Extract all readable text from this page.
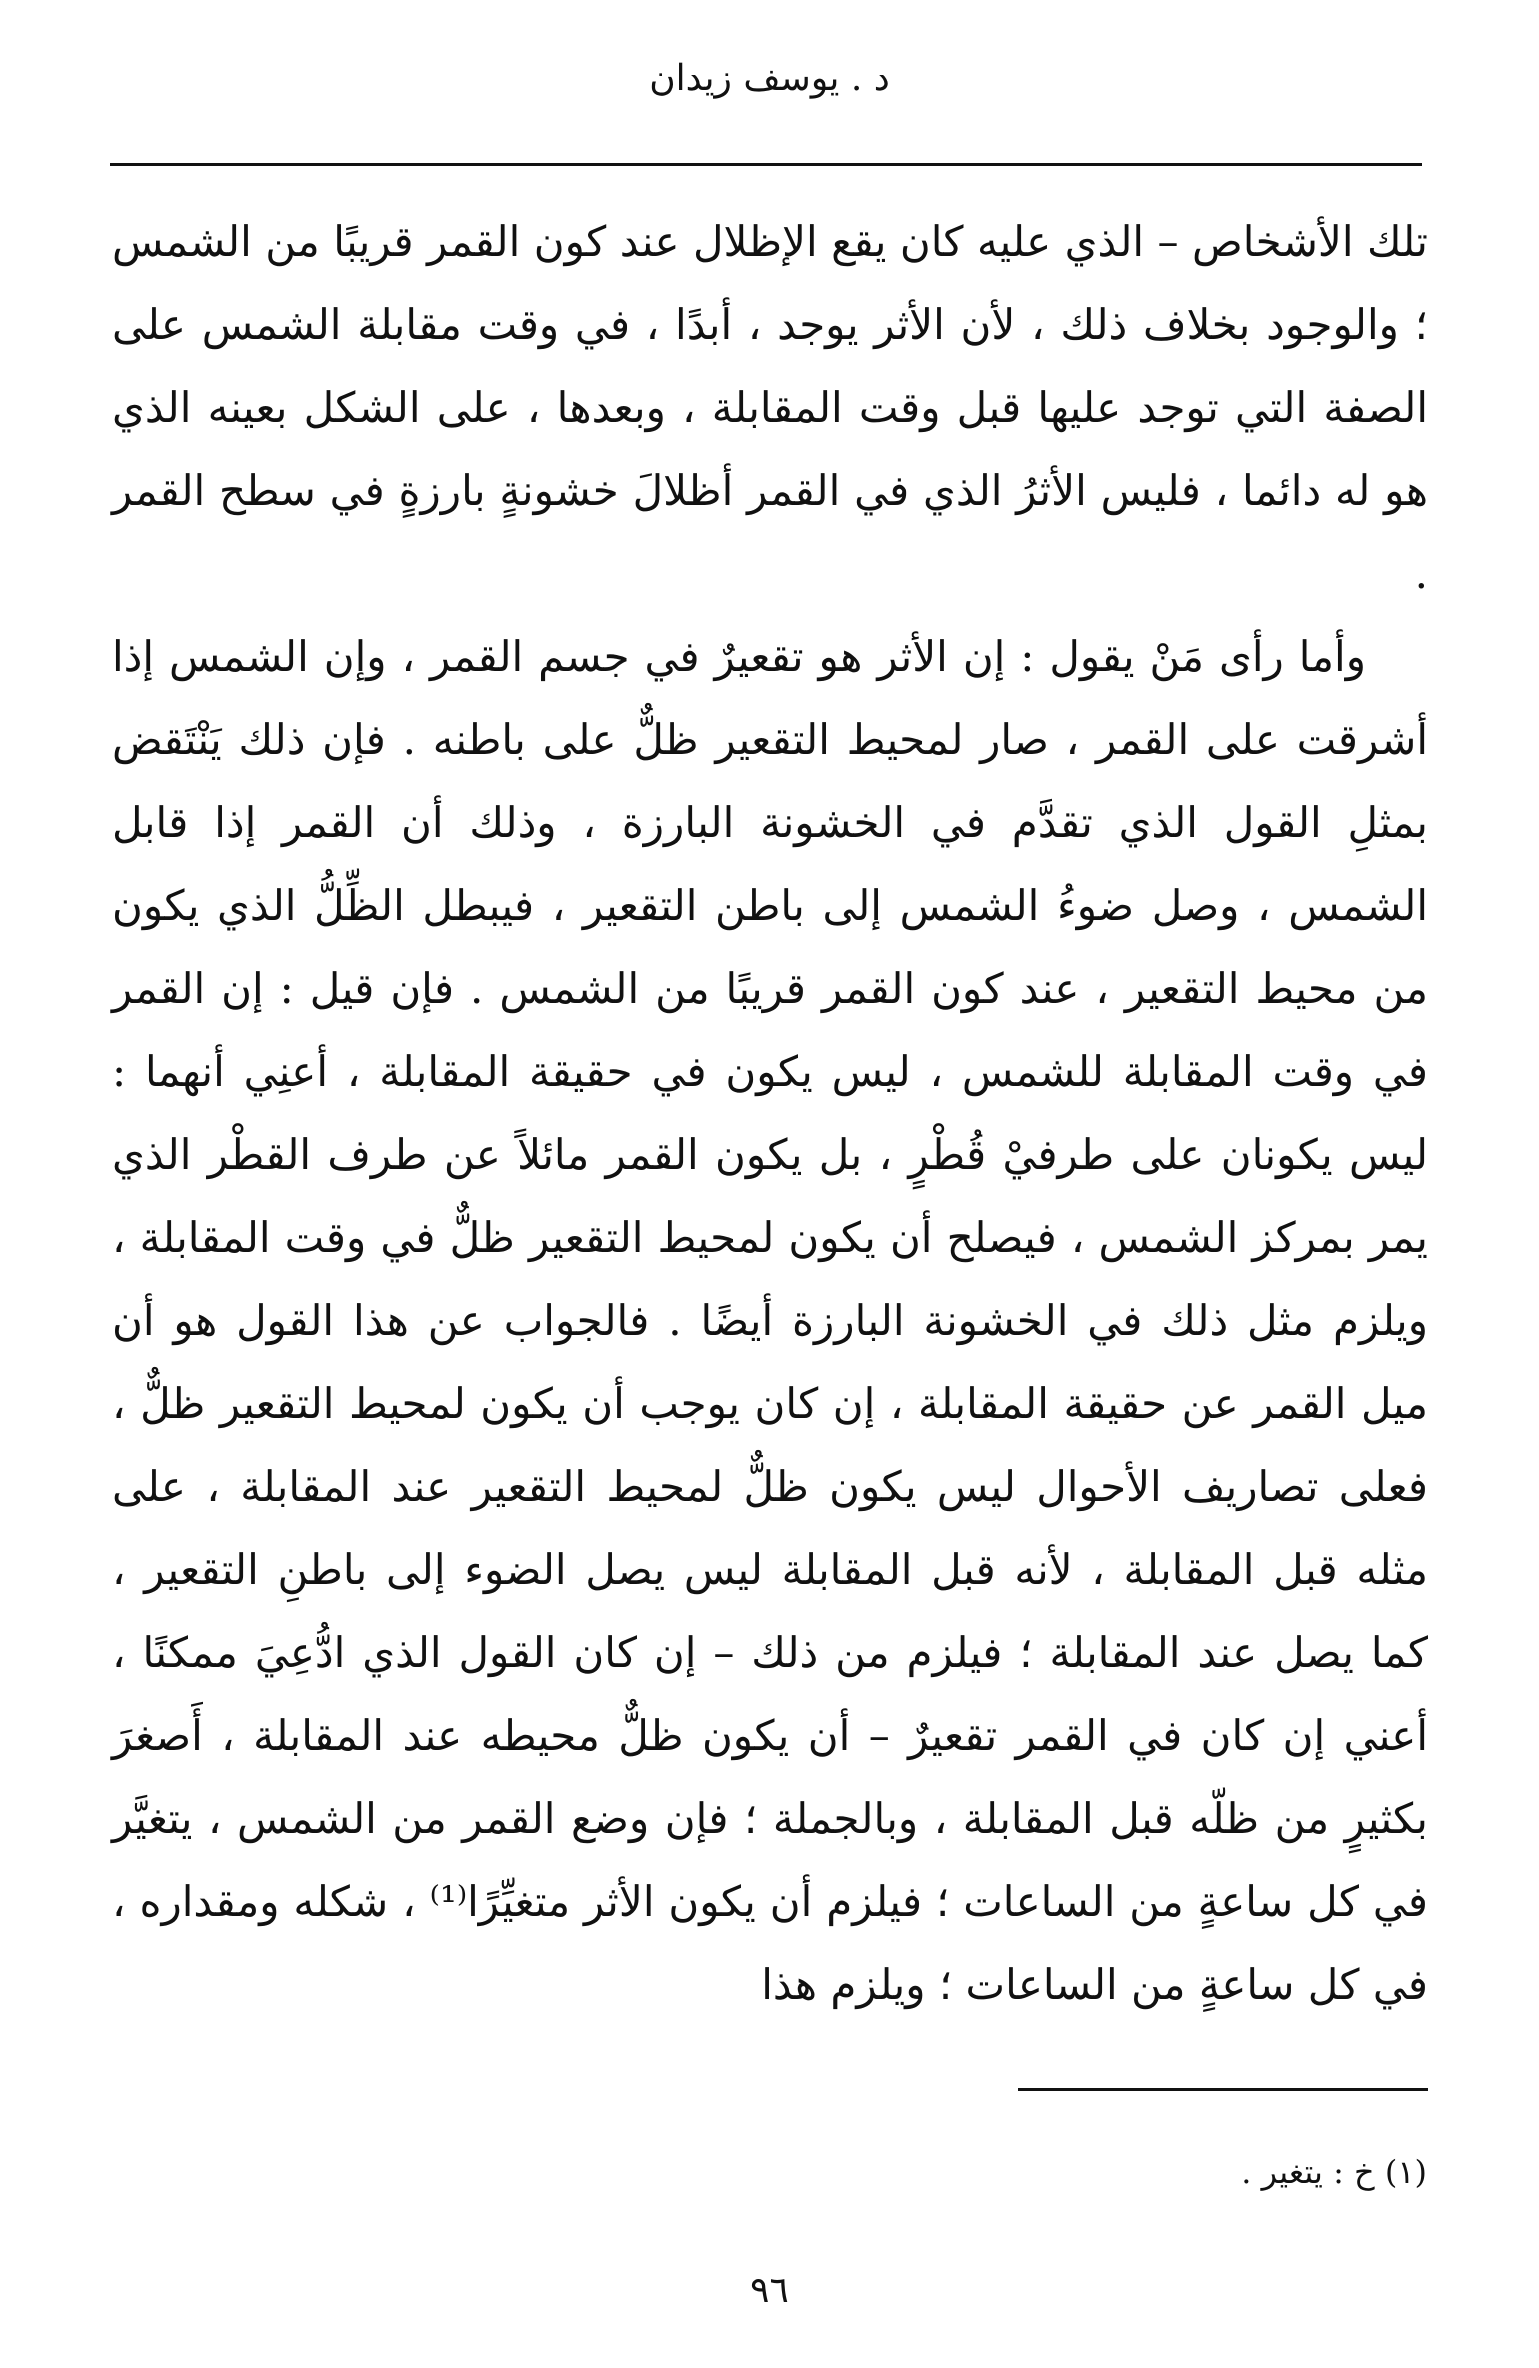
د . يوسف زيدان

تلك الأشخاص – الذي عليه كان يقع الإظلال عند كون القمر قريبًا من الشمس ؛ والوجود بخلاف ذلك ، لأن الأثر يوجد ، أبدًا ، في وقت مقابلة الشمس على الصفة التي توجد عليها قبل وقت المقابلة ، وبعدها ، على الشكل بعينه الذي هو له دائما ، فليس الأثرُ الذي في القمر أظلالَ خشونةٍ بارزةٍ في سطح القمر .

وأما رأى مَنْ يقول : إن الأثر هو تقعيرٌ في جسم القمر ، وإن الشمس إذا أشرقت على القمر ، صار لمحيط التقعير ظلٌّ على باطنه . فإن ذلك يَنْتَقض بمثلِ القول الذي تقدَّم في الخشونة البارزة ، وذلك أن القمر إذا قابل الشمس ، وصل ضوءُ الشمس إلى باطن التقعير ، فيبطل الظِّلُّ الذي يكون من محيط التقعير ، عند كون القمر قريبًا من الشمس . فإن قيل : إن القمر في وقت المقابلة للشمس ، ليس يكون في حقيقة المقابلة ، أعنِي أنهما : ليس يكونان على طرفيْ قُطْرٍ ، بل يكون القمر مائلاً عن طرف القطْر الذي يمر بمركز الشمس ، فيصلح أن يكون لمحيط التقعير ظلٌّ في وقت المقابلة ، ويلزم مثل ذلك في الخشونة البارزة أيضًا . فالجواب عن هذا القول هو أن ميل القمر عن حقيقة المقابلة ، إن كان يوجب أن يكون لمحيط التقعير ظلٌّ ، فعلى تصاريف الأحوال ليس يكون ظلٌّ لمحيط التقعير عند المقابلة ، على مثله قبل المقابلة ، لأنه قبل المقابلة ليس يصل الضوء إلى باطنِ التقعير ، كما يصل عند المقابلة ؛ فيلزم من ذلك – إن كان القول الذي ادُّعِيَ ممكنًا ، أعني إن كان في القمر تقعيرٌ – أن يكون ظلٌّ محيطه عند المقابلة ، أَصغرَ بكثيرٍ من ظلّه قبل المقابلة ، وبالجملة ؛ فإن وضع القمر من الشمس ، يتغيَّر في كل ساعةٍ من الساعات ؛ فيلزم أن يكون الأثر متغيِّرًا⁽¹⁾ ، شكله ومقداره ، في كل ساعةٍ من الساعات ؛ ويلزم هذا

(١) خ : يتغير .
٩٦
